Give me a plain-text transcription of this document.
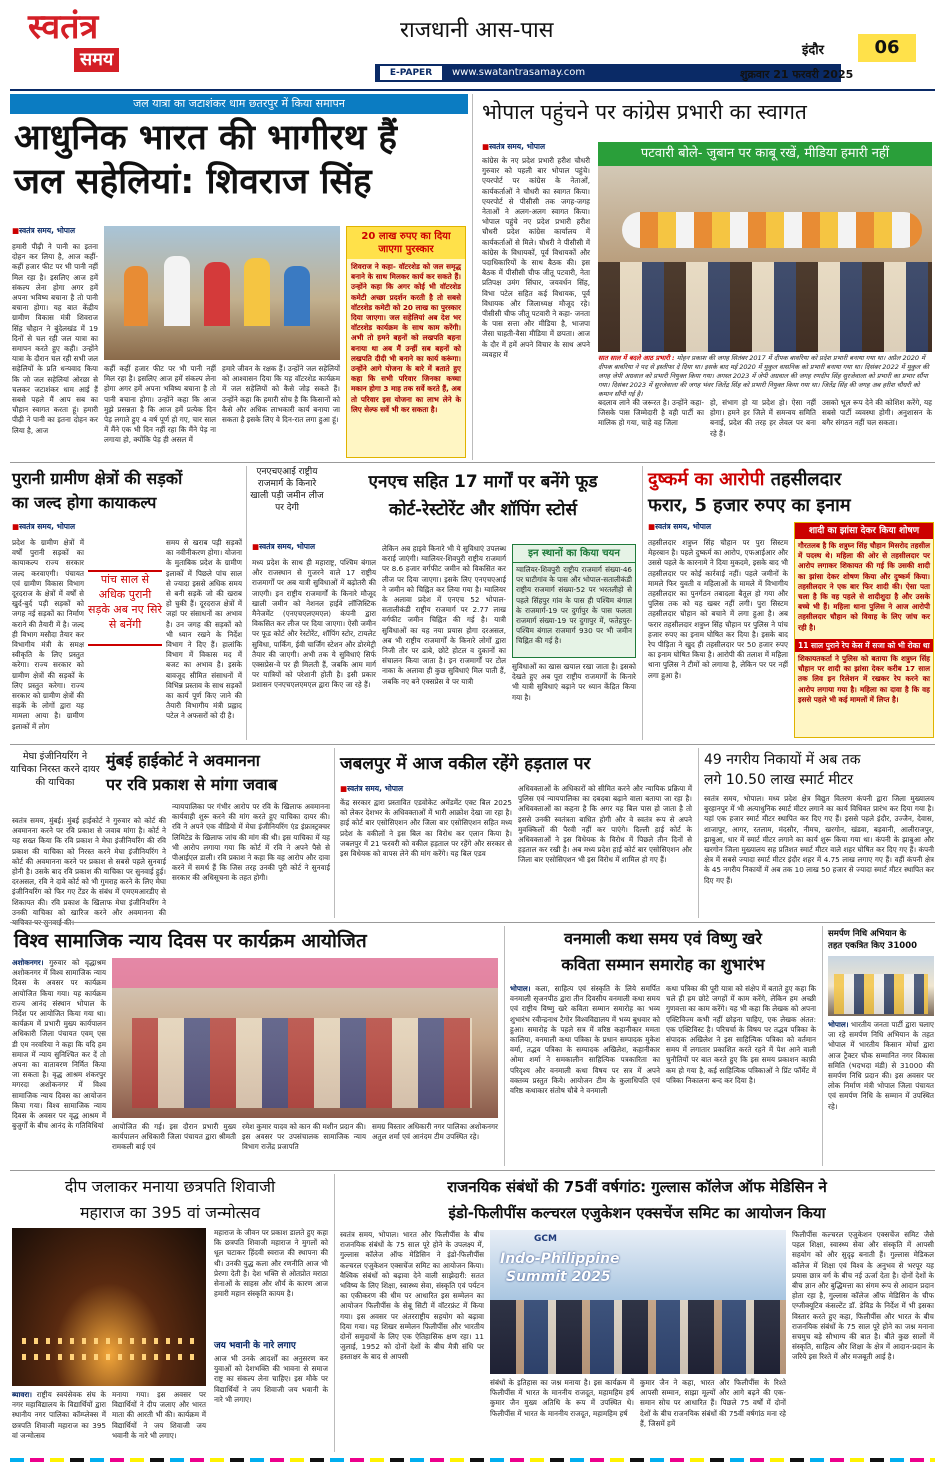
स्वतंत्र
समय
राजधानी आस-पास
इंदौर	06
E-PAPER	www.swatantrasamay.com	शुक्रवार 21 फरवरी 2025
जल यात्रा का जटाशंकर धाम छतरपुर में किया समापन
आधुनिक भारत की भागीरथ हैं
जल सहेलियां: शिवराज सिंह
■ स्वतंत्र समय, भोपाल
हमारी पीढ़ी ने पानी का इतना दोहन कर लिया है, आज कहीं-कहीं हजार फीट पर भी पानी नहीं मिल रहा है। इसलिए आज हमें संकल्प लेना होगा अगर हमें अपना भविष्य बचाना है तो पानी बचाना होगा। यह बात केंद्रीय ग्रामीण विकास मंत्री शिवराज सिंह चौहान ने बुंदेलखंड में 19 दिनों से चल रही जल यात्रा का समापन करते हुए कही। उन्होंने यात्रा के दौरान चल रही सभी जल सहेलियों के प्रति धन्यवाद किया कि जो जल सहेलियां ओरछा से चलकर जटाशंकर धाम आई हैं सबसे पहले मैं आप सब का चौहान स्वागत करता हूं। हमारी पीढ़ी ने पानी का इतना दोहन कर लिया है, आज
कहीं कहीं हजार फीट पर भी पानी नहीं मिल रहा है। इसलिए आज हमें संकल्प लेना होगा अगर हमें अपना भविष्य बचाना है तो पानी बचाना होगा। उन्होंने कहा कि आज मुझे प्रसन्नता है कि आज हमें प्रत्येक दिन पेड़ लगाते हुए 4 वर्ष पूर्ण हो गए, चार साल में मैंने एक भी दिन नहीं रहा कि मैंने पेड़ ना लगाया हो, क्योंकि पेड़ ही असल में
हमारे जीवन के रक्षक हैं। उन्होंने जल सहेलियों को आश्वासन दिया कि यह वॉटरशेड कार्यक्रम में जल सहेलियों को कैसे जोड़ सकते हैं। उन्होंने कहा कि हमारी सोच है कि किसानों को कैसे और अधिक लाभकारी कार्य बनाया जा सकता है इसके लिए वे दिन-रात लगा हुआ हूं।
20 लाख रुपए का दिया जाएगा पुरस्कार
शिवराज ने कहा- वॉटरशेड को जल समृद्ध बनाने के साथ मिलकर कार्य कर सकते हैं। उन्होंने कहा कि अगर कोई भी वॉटरशेड कमेटी अच्छा प्रदर्शन करती है तो सबसे वॉटरशेड कमेटी को 20 लाख का पुरस्कार दिया जाएगा। जल सहेलियां अब देश भर वॉटरशेड कार्यक्रम के साथ काम करेंगी। अभी तो हमने बहनों को लखपति बहना बनाया था अब मैं उन्हीं सब बहनों को लखपति दीदी भी बनाने का कार्य करूंगा। उन्होंने आगे योजना के बारे में बताते हुए कहा कि सभी परिवार जिनका कच्चा मकान होगा 3 माह तक सर्वे करते हैं, अब तो परिवार इस योजना का लाभ लेने के लिए सेल्फ सर्वे भी कर सकता है।
भोपाल पहुंचने पर कांग्रेस प्रभारी का स्वागत
■ स्वतंत्र समय, भोपाल
कांग्रेस के नए प्रदेश प्रभारी हरीश चौधरी गुरुवार को पहली बार भोपाल पहुंचे। एयरपोर्ट पर कांग्रेस के नेताओं, कार्यकर्ताओं ने चौधरी का स्वागत किया। एयरपोर्ट से पीसीसी तक जगह-जगह नेताओं ने अलग-अलग स्वागत किया। भोपाल पहुंचे नए प्रदेश प्रभारी हरीश चौधरी प्रदेश कांग्रेस कार्यालय में कार्यकर्ताओं से मिले। चौधरी ने पीसीसी में कांग्रेस के विधायकों, पूर्व विधायकों और पदाधिकारियों के साथ बैठक की। इस बैठक में पीसीसी चीफ जीतू पटवारी, नेता प्रतिपक्ष उमंग सिंघार, जयवर्धन सिंह, विभा पटेल सहित कई विधायक, पूर्व विधायक और जिलाध्यक्ष मौजूद रहे। पीसीसी चीफ जीतू पटवारी ने कहा- जनता के पास सत्ता और मीडिया है, भाजपा जैसा चाहती-वैसा मीडिया में छपता। आज के दौर में हमें अपने विचार के साथ अपने व्यवहार में
पटवारी बोले- जुबान पर काबू रखें, मीडिया हमारी नहीं
सात साल में बदले आठ प्रभारी : मोहन प्रकाश की जगह सितंबर 2017 में दीपक बावरिया को प्रदेश प्रभारी बनाया गया था। अप्रैल 2020 में दीपक बावरिया ने पद से इस्तीफा दे दिया था। इसके बाद मई 2020 में मुकुल वासनिक को प्रभारी बनाया गया था। दिसंबर 2022 में मुकुल की जगह जेपी अग्रवाल को प्रभारी नियुक्त किया गया। अगस्त 2023 में जेपी अग्रवाल की जगह रणदीप सिंह सुरजेवाला को प्रभारी का प्रभार सौंपा गया। दिसंबर 2023 में सुरजेवाला की जगह भंवर जितेंद्र सिंह को प्रभारी नियुक्त किया गया था। जितेंद्र सिंह की जगह अब हरीश चौधरी को कमान सौंपी गई है।
बदलाव लाने की जरूरत है। उन्होंने कहा- जिसके पास जिम्मेदारी है वही पार्टी का मालिक हो गया, चाहे वह जिला
हो, संभाग हो या प्रदेश हो। ऐसा नहीं होगा। हमने हर जिले में समन्वय समिति बनाई, प्रदेश की तरह हर लेवल पर बना रहे हैं।
उसको भूल रूप देने की कोशिश करेंगे, यह सबसे पार्टी व्यवस्था होगी। अनुशासन के बगैर संगठन नहीं चल सकता।
पुरानी ग्रामीण क्षेत्रों की सड़कों
का जल्द होगा कायाकल्प
■ स्वतंत्र समय, भोपाल
प्रदेश के ग्रामीण क्षेत्रों में वर्षों पुरानी सड़कों का कायाकल्प राज्य सरकार जल्द करवाएगी। पंचायत एवं ग्रामीण विकास विभाग दूरदराज के क्षेत्रों में वर्षों से खुर्द-बुर्द पड़ी सड़कों को जगह नई सड़कों का निर्माण कराने की तैयारी में है। जल्द ही विभाग मसौदा तैयार कर विभागीय मंत्री के समक्ष स्वीकृति के लिए प्रस्तुत करेगा। राज्य सरकार को ग्रामीण क्षेत्रों की सड़कों के लिए प्रस्तुत करेगा। राज्य सरकार को ग्रामीण क्षेत्रों की सड़कें के लोगों द्वारा यह मामला आया है। ग्रामीण इलाकों में लोग
पांच साल से अधिक पुरानी सड़के अब नए सिरे से बनेंगी
समय से खराब पड़ी सड़कों का नवीनीकरण होगा। योजना के मुताबिक प्रदेश के ग्रामीण इलाकों में पिछले पांच साल से ज्यादा इससे अधिक समय से बनी सड़कें जो की खराब हो चुकी हैं। दूरदराज क्षेत्रों में जहां पर संसाधनों का अभाव है। उन जगह की सड़कों को भी ध्यान रखने के निर्देश विभाग ने दिए हैं। हालांकि विभाग में विकास मद में बजट का अभाव है। इसके बावजूद सीमित संसाधनों में विभिन्न प्रस्ताव के साथ सड़कों का कार्य पूर्ण किए जाने की तैयारी विभागीय मंत्री प्रह्लाद पटेल ने अफसरों को दी है।
एनएचएआई राष्ट्रीय राजमार्ग के किनारे खाली पड़ी जमीन लीज पर देगी
एनएच सहित 17 मार्गों पर बनेंगे फूड
कोर्ट-रेस्टोरेंट और शॉपिंग स्टोर्स
■ स्वतंत्र समय, भोपाल
मध्य प्रदेश के साथ ही महाराष्ट्र, पश्चिम बंगाल और राजस्थान से गुजरने वाले 17 राष्ट्रीय राजमार्गों पर अब यात्री सुविधाओं में बढ़ोतरी की जाएगी। इन राष्ट्रीय राजमार्गों के किनारे मौजूद खाली जमीन को नेशनल हाईवे लॉजिस्टिक मैनेजमेंट (एनएचएलएमएल) कंपनी द्वारा विकसित कर लीज पर दिया जाएगा। ऐसी जमीन पर फूड कोर्ट और रेस्टोरेंट, शॉपिंग स्टोर, टायलेट सुविधा, पार्किंग, ईवी चार्जिंग स्टेशन और डोरमेट्री तैयार की जाएगी। अभी तक ये सुविधाएं सिर्फ एक्सप्रेस-वे पर ही मिलती हैं, जबकि आम मार्ग पर यात्रियों को परेशानी होती है। इसी प्रकार प्रशासन एनएचएलएमएल द्वारा किए जा रहे हैं।
लेकिन अब हाइवे किनारे भी ये सुविधाएं उपलब्ध कराई जाएंगी। ग्वालियर-शिवपुरी राष्ट्रीय राजमार्ग पर 8.6 हजार वर्गफीट जमीन को विकसित कर लीज पर दिया जाएगा। इसके लिए एनएचएआई ने जमीन को चिह्नित कर लिया गया है। ग्वालियर के अलावा प्रदेश में एनएच 52 भोपाल-सतालीकंडी राष्ट्रीय राजमार्ग पर 2.77 लाख वर्गफीट जमीन चिह्नित की गई है। यात्री सुविधाओं का यह नया प्रयास होगा दरअसल, अब भी राष्ट्रीय राजमार्गों के किनारे लोगों द्वारा निजी तौर पर ढाबे, छोटे होटल व दुकानों का संचालन किया जाता है। इन राजमार्गों पर टोल नाका के अलावा ही कुछ सुविधाएं मिल पाती हैं, जबकि नए बने एक्सप्रेस वे पर यात्री
इन स्थानों का किया चयन
ग्वालियर-शिवपुरी राष्ट्रीय राजमार्ग संख्या-46 पर घाटीगांव के पास और भोपाल-सतालीकंडी राष्ट्रीय राजमार्ग संख्या-52 पर भरतलीहो से पहले सिंहपुर गांव के पास ही पश्चिम बंगाल के राजमार्ग-19 पर दुर्गापुर के पास फलता राजमार्ग संख्या-19 पर दुगापुर में, फतेहपुर-पश्चिम बंगाल राजमार्ग 930 पर भी जमीन चिह्नित की गई है।
सुविधाओं का खास खयाल रखा जाता है। इसको देखते हुए अब पूरा राष्ट्रीय राजमार्गों के किनारे भी यात्री सुविधाएं बढ़ाने पर ध्यान केंद्रित किया गया है।
दुष्कर्म का आरोपी तहसीलदार
फरार, 5 हजार रुपए का इनाम
■ स्वतंत्र समय, भोपाल
तहसीलदार शत्रुघ्न सिंह चौहान पर पुरा सिस्टम मेहरबान है। पहले दुष्कर्म का आरोप, एफआईआर और उससे पहले के कारनामे ने दिया मुकदमे, इसके बाद भी तहसीलदार पर कोई कार्रवाई नहीं। पहले जमीनों के मामले फिर युवती व महिलाओं के मामले में विभागीय तहसीलदार का पुनर्गठन तबादला बैतूल हो गया और पुलिस तक को यह खबर नहीं लगी। पुरा सिस्टम तहसीलदार चौहान को बचाने में लगा हुआ है। अब फरार तहसीलदार शत्रुघ्न सिंह चौहान पर पुलिस ने पांच हजार रुपए का इनाम घोषित कर दिया है। इसके बाद रेप पीड़िता ने खुद ही तहसीलदार पर 50 हजार रुपए का इनाम घोषित किया है। आरोपी की तलाश में महिला थाना पुलिस ने टीमों को लगाया है, लेकिन पर पर नहीं लगा हुआ है।
शादी का झांसा देकर किया शोषण
गौरतलब है कि शत्रुघ्न सिंह चौहान मिसरोद तहसील में पदस्थ थे। महिला की ओर से तहसीलदार पर आरोप लगाकर शिकायत की गई कि उसकी शादी का झांसा देकर शोषण किया और दुष्कर्म किया। तहसीलदार ने एक बार फिर शादी की। ऐसा पता चला है कि वह पहले से शादीशुदा है और उसके बच्चे भी हैं। महिला थाना पुलिस ने आज आरोपी तहसीलदार चौहान को विवाह के लिए जांच कर रही है।
11 साल पुराने रेप केस में सजा को भी रोका था
शिकायतकर्ता ने पुलिस को बताया कि शत्रुघ्न सिंह चौहान पर शादी का झांसा देकर करीब 17 साल तक लिव इन रिलेशन में रखकर रेप करने का आरोप लगाया गया है। महिला का दावा है कि वह इससे पहले भी कई मामलों में लिप्त है।
मेघा इंजीनियरिंग ने याचिका निरस्त करने दायर की याचिका
मुंबई हाईकोर्ट ने अवमानना
पर रवि प्रकाश से मांगा जवाब
स्वतंत्र समय, मुंबई। मुंबई हाईकोर्ट ने गुरुवार को कोर्ट की अवमानना करने पर रवि प्रकाश से जवाब मांगा है। कोर्ट ने यह सख्त किया कि रवि प्रकाश ने मेघा इंजीनियरिंग की रवि प्रकाश की याचिका को निरस्त करने मेघा इंजीनियरिंग ने कोर्ट की अवमानना करने पर प्रकाश से सबसे पहले सुनवाई होनी है। उसके बाद रवि प्रकाश की याचिका पर सुनवाई हुई। दरअसल, रवि ने दावे कोर्ट को भी गुमराह करने के लिए मेघा इंजीनियरिंग को फिर गए टेंडर के संबंध में एमएमआरडीए से शिकायत की। रवि प्रकाश के खिलाफ मेघा इंजीनियरिंग ने उनकी याचिका को खारिज करने और अवमानना की
न्यायपालिका पर गंभीर आरोप पर रवि के खिलाफ अवमानना कार्यवाही शुरू करने की मांग करते हुए याचिका दायर की। रवि ने अपने एक वीडियो में मेघा इंजीनियरिंग एंड इंफ्रास्ट्रक्चर लिमिटेड के खिलाफ जांच की मांग की थी। इस याचिका में यह भी आरोप लगाया गया कि कोर्ट में रवि ने अपने पैसे से पीआईएल डाली। रवि प्रकाश ने कहा कि वह आरोप और दावा करने में समर्थ हैं कि जिस तरह उनकी पूरी कोर्ट ने सुनवाई सरकार की अधिसूचना के तहत होगी।
जबलपुर में आज वकील रहेंगे हड़ताल पर
■ स्वतंत्र समय, भोपाल
केंद्र सरकार द्वारा प्रस्तावित एडवोकेट अमेंडमेंट एक्ट बिल 2025 को लेकर देशभर के अधिवक्ताओं में भारी आक्रोश देखा जा रहा है। हाई कोर्ट बार एसोसिएशन और जिला बार एसोसिएशन सहित मध्य प्रदेश के वकीलों ने इस बिल का विरोध कर एलान किया है। जबलपुर में 21 फरवरी को वकील हड़ताल पर रहेंगे और सरकार से इस विधेयक को वापस लेने की मांग करेंगे। यह बिल एडव
अधिवक्ताओं के अधिकारों को सीमित करने और न्यायिक प्रक्रिया में पुलिस एवं न्यायपालिका का दबदबा बढ़ाने वाला बताया जा रहा है। अधिवक्ताओं का कहना है कि अगर यह बिल पास हो जाता है तो इससे उनकी स्वतंत्रता बाधित होगी और वे स्वतंत्र रूप से अपने मुवक्किलों की पैरवी नहीं कर पाएंगे। दिल्ली हाई कोर्ट के अधिवक्ताओं ने इस विधेयक के विरोध में पिछले तीन दिनों से हड़ताल कर रखी है। अब मध्य प्रदेश हाई कोर्ट बार एसोसिएशन और जिला बार एसोसिएशन भी इस विरोध में शामिल हो गए हैं।
49 नगरीय निकायों में अब तक
लगे 10.50 लाख स्मार्ट मीटर
स्वतंत्र समय, भोपाल। मध्य प्रदेश क्षेत्र विद्युत वितरण कंपनी द्वारा जिला मुख्यालय बुरहानपुर में भी अत्याधुनिक स्मार्ट मीटर लगाने का कार्य विधिवत प्रारंभ कर दिया गया है। यहां एक हजार स्मार्ट मीटर स्थापित कर दिए गए हैं। इससे पहले इंदौर, उज्जैन, देवास, शाजापुर, आगर, रतलाम, मंदसौर, नीमच, खरगोन, खंडवा, बड़वानी, आलीराजपुर, झाबुआ, धार में स्मार्ट मीटर लगाने का कार्य शुरू किया गया था। कंपनी के झाबुआ और खरगोन जिला मुख्यालय सह प्रतिशत स्मार्ट मीटर वाले शहर घोषित कर दिए गए हैं। कंपनी क्षेत्र में सबसे ज्यादा स्मार्ट मीटर इंदौर शहर में 4.75 लाख लगाए गए हैं। वहीं कंपनी क्षेत्र के 45 नगरीय निकायों में अब तक 10 लाख 50 हजार से ज्यादा स्मार्ट मीटर स्थापित कर दिए गए हैं।
विश्व सामाजिक न्याय दिवस पर कार्यक्रम आयोजित
अशोकनगर। गुरुवार को वृद्धाश्रम अशोकनगर में विश्व सामाजिक न्याय दिवस के अवसर पर कार्यक्रम आयोजित किया गया। यह कार्यक्रम राज्य आनंद संस्थान भोपाल के निर्देश पर आयोजित किया गया था। कार्यक्रम में प्रभारी मुख्य कार्यपालन अधिकारी जिला पंचायत एवम् एस डी एम नरवरिया ने कहा कि यदि हम समाज में न्याय सुनिश्चित कर दें तो अपना का वातावरण निर्मित किया जा सकता है। वृद्ध आश्रम शंकरपुर मगरदा अशोकनगर में विश्व सामाजिक न्याय दिवस का आयोजन किया गया। विश्व सामाजिक न्याय दिवस के अवसर पर वृद्ध आश्रम में बुजुर्गों के बीच आनंद के गतिविधियां	आयोजित की गई। इस दौरान प्रभारी मुख्य कार्यपालन अधिकारी जिला पंचायत द्वारा श्रीमती रामकली बाई एवं
रमेश कुमार यादव को कान की मशीन प्रदान की। इस अवसर पर उपसंचालक सामाजिक न्याय विभाग राजेंद्र प्रजापति
समग्र विस्तार अधिकारी नगर पालिका अशोकनगर अतुल शर्मा एवं आनंदम टीम उपस्थित रहे।
वनमाली कथा समय एवं विष्णु खरे
कविता सम्मान समारोह का शुभारंभ
भोपाल। कला, साहित्य एवं संस्कृति के लिये समर्पित वनमाली सृजनपीठ द्वारा तीन दिवसीय वनमाली कथा समय एवं राष्ट्रीय विष्णु खरे कविता सम्मान समारोह का भव्य शुभारंभ रवीन्द्रनाथ टैगोर विश्वविद्यालय में भव्य बुधवार को हुआ। समारोह के पहले सत्र में वरिष्ठ कहानीकार ममता कालिया, वनमाली कथा पत्रिका के प्रधान सम्पादक मुकेश वर्मा, तद्भव पत्रिका के सम्पादक अखिलेश, कहानीकार ओमा शर्मा ने समकालीन साहित्यिक पत्रकारिता का परिदृश्य और वनमाली कथा विषय पर सत्र में अपने वक्तव्य प्रस्तुत किये। आयोजन टीम के कुलाधिपति एवं वरिष्ठ कथाकार संतोष चौबे ने वनमाली
कथा पत्रिका की पूरी यात्रा को संक्षेप में बताते हुए कहा कि चले ही हम छोटे जगहों में काम करेंगे, लेकिन हम अच्छी गुणवत्ता का काम करेंगे। यह भी कहा कि लेखक को अपना एक्टिविज्म कभी नहीं छोड़ना चाहिए, एक लेखक अंतत: एक एक्टिविस्ट है। परिचर्चा के विषय पर तद्भव पत्रिका के संपादक अखिलेश ने इस साहित्यिक पत्रिका को वर्तमान समय में लगातार प्रकाशित करते रहने में पेश आने वाली चुनौतियों पर बात करते हुए कि इस समय प्रकाशन काफ़ी कम हो गया है, कई साहित्यिक पत्रिकाओं ने प्रिंट फॉर्मेट में पत्रिका निकालना बन्द कर दिया है।
समर्पण निधि अभियान के
तहत एकत्रित किए 31000
भोपाल। भारतीय जनता पार्टी द्वारा चलाए जा रहे समर्पण निधि अभियान के तहत भोपाल में भारतीय किसान मोर्चा द्वारा आज ट्रैक्टर चौक सम्मानित नगर विकास समिति (भदभदा मंडी) से 31000 की समर्पण निधि प्रदान की। इस अवसर पर लोक निर्माण मंत्री भोपाल जिला पंचायत एवं समर्पण निधि के सम्मान में उपस्थित रहे।
दीप जलाकर मनाया छत्रपति शिवाजी
महाराज का 395 वां जन्मोत्सव
ब्यावरा। राष्ट्रीय स्वयंसेवक संघ के नगर महाविद्यालय के विद्यार्थियों द्वारा स्थानीय नगर पालिका कॉम्प्लेक्स में छत्रपति शिवाजी महाराज का 395 वां जन्मोत्सव
मनाया गया। इस अवसर पर विद्यार्थियों ने दीप जलाए और भारत माता की आरती भी की। कार्यक्रम में विद्यार्थियों ने जय शिवाजी जय भवानी के नारे भी लगाए।
महाराज के जीवन पर प्रकाश डालते हुए कहा कि छत्रपति शिवाजी महाराज ने मुगलों को धूल चटाकर हिंदवी स्वराज की स्थापना की थी। उनकी युद्ध कला और रणनीति आज भी प्रेरणा देती है। देश भक्ति से ओतप्रोत मराठा सेनाओं के साहस और शौर्य के कारण आज हमारी महान संस्कृति कायम है।
जय भवानी के नारे लगाए
आज भी उनके आदर्शों का अनुसरण कर युवाओं को देशभक्ति की भावना से समाज राष्ट्र का संकल्प लेना चाहिए। इस मौके पर विद्यार्थियों ने जय शिवाजी जय भवानी के नारे भी लगाए।
राजनयिक संबंधों की 75वीं वर्षगांठ: गुल्लास कॉलेज ऑफ मेडिसिन ने
इंडो-फिलीपींस कल्चरल एजुकेशन एक्सचेंज समिट का आयोजन किया
स्वतंत्र समय, भोपाल। भारत और फिलीपींस के बीच राजनयिक संबंधों के 75 साल पूरे होने के उपलक्ष्य में, गुल्लास कॉलेज ऑफ मेडिसिन ने इंडो-फिलीपींस कल्चरल एजुकेशन एक्सचेंज समिट का आयोजन किया। वैश्विक संबंधों को बढ़ावा देने वाली साझेदारी: सतत भविष्य के लिए शिक्षा, स्वास्थ्य सेवा, संस्कृति एवं पर्यटन का एकीकरण की धीम पर आधारित इस सम्मेलन का आयोजन फिलीपींस के सेबू सिटी में वॉटरफ्रंट में किया गया। इस अवसर पर अंतरराष्ट्रीय सहयोग को बढ़ावा दिया गया। यह शिखर सम्मेलन फिलीपींस और भारतीय दोनों समुदायों के लिए एक ऐतिहासिक क्षण रहा। 11 जुलाई, 1952 को दोनों देशों के बीच मैत्री संधि पर हस्ताक्षर के बाद से आपसी
GCM
Indo-Philippine
Summit 2025
संबंधों के इतिहास का जश्न मनाया है। इस कार्यक्रम में फिलीपींस में भारत के माननीय राजदूत, महामहिम हर्ष कुमार जैन मुख्य अतिथि के रूप में उपस्थित थे। फिलीपींस में भारत के माननीय राजदूत, महामहिम हर्ष
कुमार जैन ने कहा, भारत और फिलीपींस के रिश्ते आपसी सम्मान, साझा मूल्यों और आगे बढ़ने की एक-समान सोच पर आधारित हैं। पिछले 75 वर्षों में दोनों देशों के बीच राजनयिक संबंधों की 75वीं वर्षगांठ मना रहे हैं, जिसमें हमें
फिलीपींस कल्चरल एजुकेशन एक्सचेंज समिट जैसे पहल शिक्षा, स्वास्थ्य सेवा और संस्कृति में आपसी सहयोग को और सुदृढ़ बनाती हैं। गुल्लास मेडिकल कॉलेज में शिक्षा एवं विश्व के अनुभव से भरपूर यह प्रयास छात्र वर्ग के बीच नई ऊर्जा देता है। दोनों देशों के बीच ज्ञान और बुद्धिमत्ता का संगम रूप से आदान प्रदान होता रहा है, गुल्लास कॉलेज ऑफ मेडिसिन के चीफ एग्जीक्यूटिव कंसल्टेंट डॉ. डेविड के निर्देश में भी इसका विस्तार करते हुए कहा, फिलीपींस और भारत के बीच राजनयिक संबंधों के 75 साल पूरे होने का जश्न मनाना सचमुच बड़े सौभाग्य की बात है। बीते कुछ सालों में संस्कृति, साहित्य और शिक्षा के क्षेत्र में आदान-प्रदान के जरिये इस रिश्ते में और मजबूती आई है।
